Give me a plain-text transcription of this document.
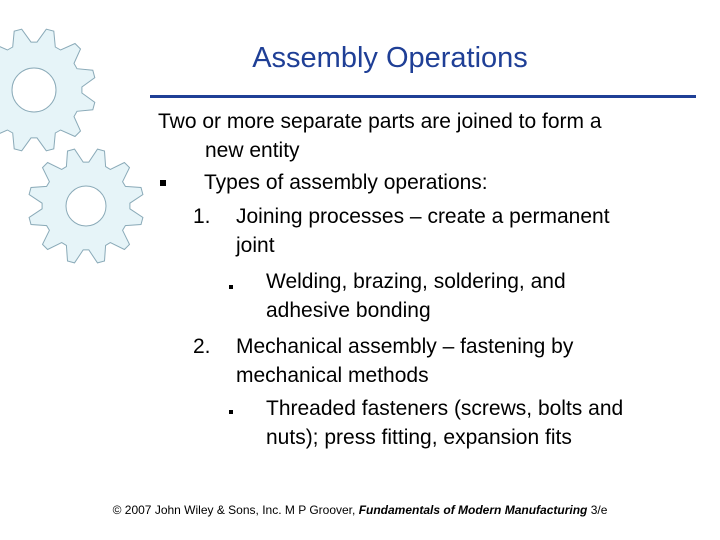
Assembly Operations
Two or more separate parts are joined to form a
new entity
Types of assembly operations:
1. Joining processes – create a permanent
joint
Welding, brazing, soldering, and
adhesive bonding
2. Mechanical assembly – fastening by
mechanical methods
Threaded fasteners (screws, bolts and
nuts); press fitting, expansion fits
© 2007 John Wiley & Sons, Inc. M P Groover, Fundamentals of Modern Manufacturing 3/e
